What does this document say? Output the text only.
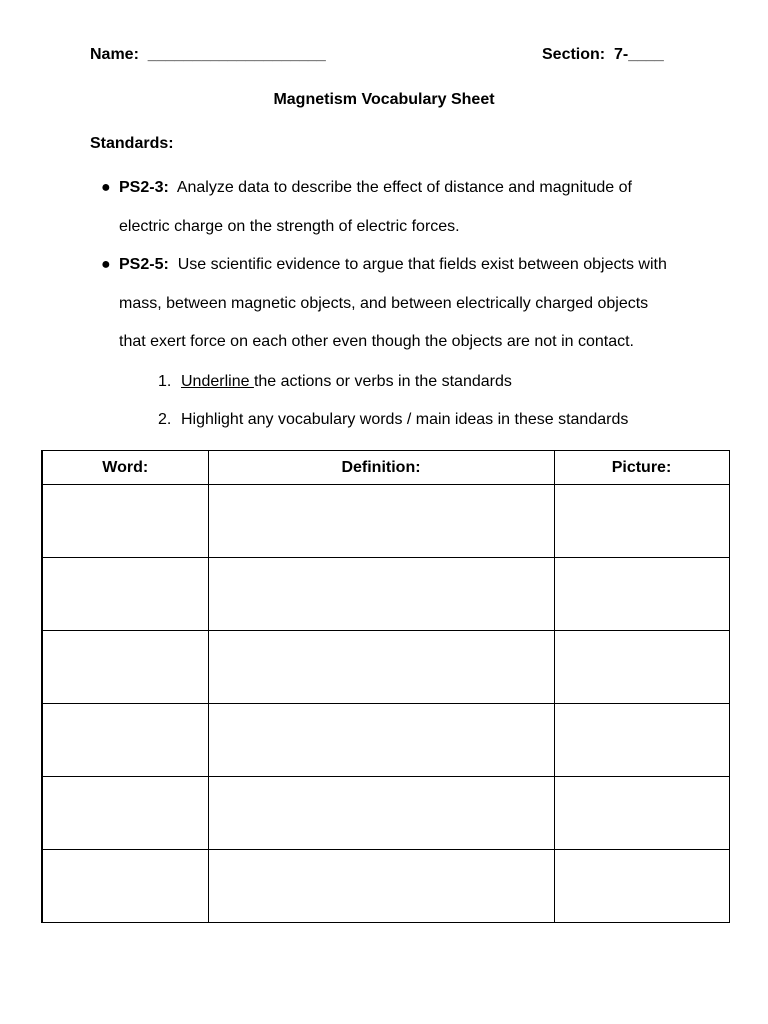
Name:  ____________________	Section:  7-____
Magnetism Vocabulary Sheet
Standards:
● PS2-3: Analyze data to describe the effect of distance and magnitude of
electric charge on the strength of electric forces.
● PS2-5: Use scientific evidence to argue that fields exist between objects with
mass, between magnetic objects, and between electrically charged objects
that exert force on each other even though the objects are not in contact.
1. Underline the actions or verbs in the standards
2. Highlight any vocabulary words / main ideas in these standards
Word:	Definition:	Picture:
